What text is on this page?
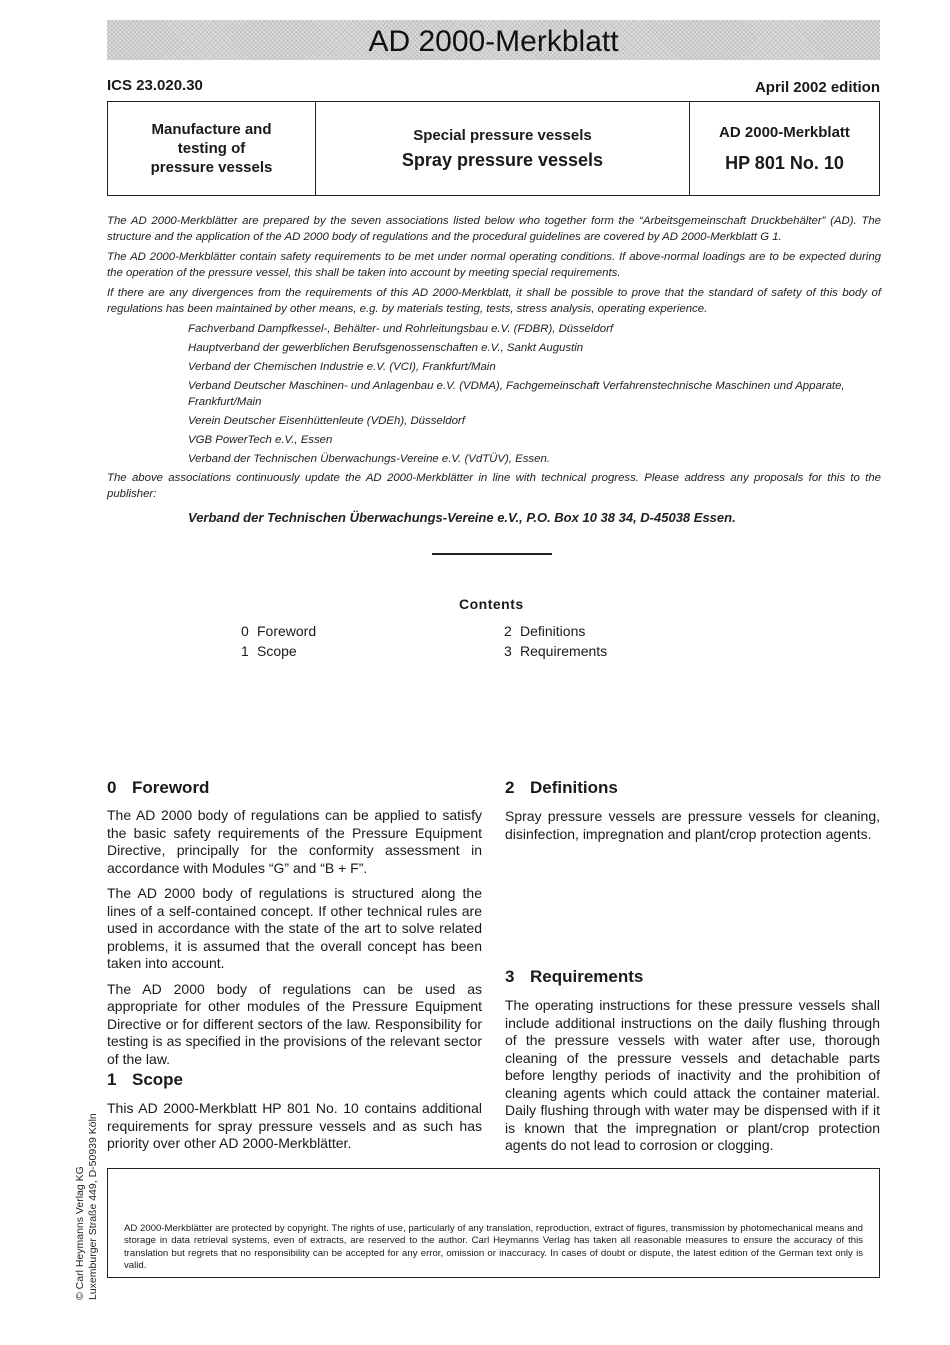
AD 2000-Merkblatt
ICS 23.020.30	April 2002 edition
Manufacture and
testing of
pressure vessels
Special pressure vessels
Spray pressure vessels
AD 2000-Merkblatt
HP 801 No. 10

The AD 2000-Merkblätter are prepared by the seven associations listed below who together form the “Arbeitsgemeinschaft Druckbehälter” (AD). The structure and the application of the AD 2000 body of regulations and the procedural guidelines are covered by AD 2000-Merkblatt G 1.

The AD 2000-Merkblätter contain safety requirements to be met under normal operating conditions. If above-normal loadings are to be expected during the operation of the pressure vessel, this shall be taken into account by meeting special requirements.

If there are any divergences from the requirements of this AD 2000-Merkblatt, it shall be possible to prove that the standard of safety of this body of regulations has been maintained by other means, e.g. by materials testing, tests, stress analysis, operating experience.

Fachverband Dampfkessel-, Behälter- und Rohrleitungsbau e.V. (FDBR), Düsseldorf
Hauptverband der gewerblichen Berufsgenossenschaften e.V., Sankt Augustin
Verband der Chemischen Industrie e.V. (VCI), Frankfurt/Main
Verband Deutscher Maschinen- und Anlagenbau e.V. (VDMA), Fachgemeinschaft Verfahrenstechnische Maschinen und Apparate, Frankfurt/Main
Verein Deutscher Eisenhüttenleute (VDEh), Düsseldorf
VGB PowerTech e.V., Essen
Verband der Technischen Überwachungs-Vereine e.V. (VdTÜV), Essen.

The above associations continuously update the AD 2000-Merkblätter in line with technical progress. Please address any proposals for this to the publisher:

Verband der Technischen Überwachungs-Vereine e.V., P.O. Box 10 38 34, D-45038 Essen.
Contents
0 Foreword
1 Scope
2 Definitions
3 Requirements
0 Foreword

The AD 2000 body of regulations can be applied to satisfy the basic safety requirements of the Pressure Equipment Directive, principally for the conformity assessment in accordance with Modules “G” and “B + F”.

The AD 2000 body of regulations is structured along the lines of a self-contained concept. If other technical rules are used in accordance with the state of the art to solve related problems, it is assumed that the overall concept has been taken into account.

The AD 2000 body of regulations can be used as appropriate for other modules of the Pressure Equipment Directive or for different sectors of the law. Responsibility for testing is as specified in the provisions of the relevant sector of the law.

1 Scope

This AD 2000-Merkblatt HP 801 No. 10 contains additional requirements for spray pressure vessels and as such has priority over other AD 2000-Merkblätter.

2 Definitions

Spray pressure vessels are pressure vessels for cleaning, disinfection, impregnation and plant/crop protection agents.

3 Requirements

The operating instructions for these pressure vessels shall include additional instructions on the daily flushing through of the pressure vessels with water after use, thorough cleaning of the pressure vessels and detachable parts before lengthy periods of inactivity and the prohibition of cleaning agents which could attack the container material. Daily flushing through with water may be dispensed with if it is known that the impregnation or plant/crop protection agents do not lead to corrosion or clogging.

© Carl Heymanns Verlag KG Luxemburger Straße 449, D-50939 Köln	AD 2000-Merkblätter are protected by copyright. The rights of use, particularly of any translation, reproduction, extract of figures, transmission by photomechanical means and storage in data retrieval systems, even of extracts, are reserved to the author. Carl Heymanns Verlag has taken all reasonable measures to ensure the accuracy of this translation but regrets that no responsibility can be accepted for any error, omission or inaccuracy. In cases of doubt or dispute, the latest edition of the German text only is valid.
